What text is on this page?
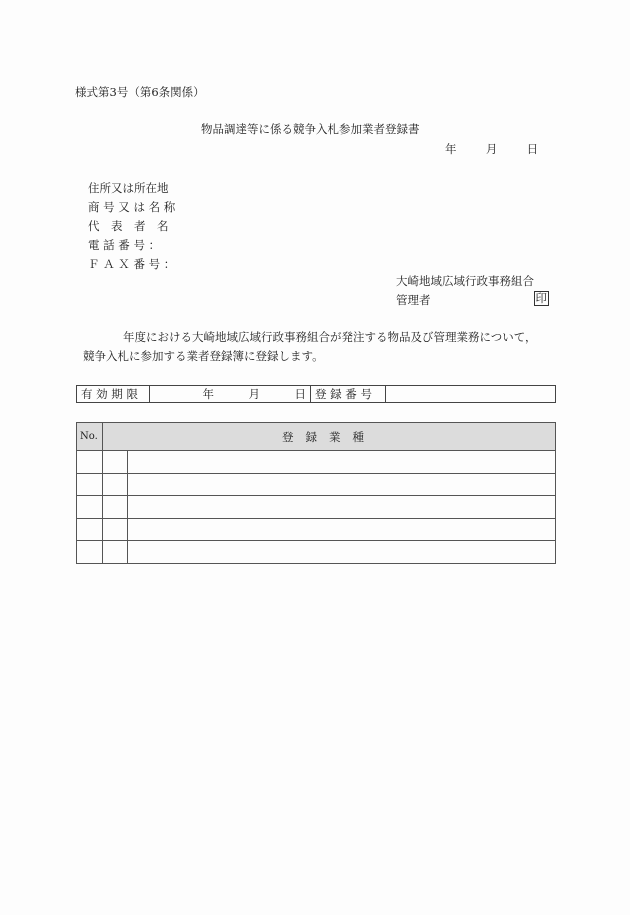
様式第3号（第6条関係）
物品調達等に係る競争入札参加業者登録書
年	月	日
住所又は所在地
商 号 又 は 名 称
代　表　者　名
電 話 番 号 ：
Ｆ Ａ Ｘ 番 号 ：
大崎地域広域行政事務組合
管理者	印
年度における大崎地域広域行政事務組合が発注する物品及び管理業務について，
競争入札に参加する業者登録簿に登録します。
有 効 期 限	年　　　月　　　日	登 録 番 号	
No.	登録業種	
